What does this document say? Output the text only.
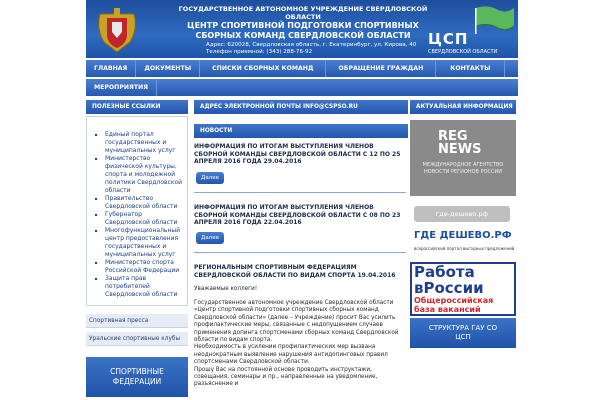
ГОСУДАРСТВЕННОЕ АВТОНОМНОЕ УЧРЕЖДЕНИЕ СВЕРДЛОВСКОЙ ОБЛАСТИ
ЦЕНТР СПОРТИВНОЙ ПОДГОТОВКИ СПОРТИВНЫХ
СБОРНЫХ КОМАНД СВЕРДЛОВСКОЙ ОБЛАСТИ
Адрес: 620028, Свердловская область, г. Екатеринбург, ул. Кирова, 40
Телефон приемной: (343) 288-76-92
ЦСП
СВЕРДЛОВСКОЙ ОБЛАСТИ
ГЛАВНАЯ	ДОКУМЕНТЫ	СПИСКИ СБОРНЫХ КОМАНД	ОБРАЩЕНИЕ ГРАЖДАН	КОНТАКТЫ
МЕРОПРИЯТИЯ
ПОЛЕЗНЫЕ ССЫЛКИ
▪ Единый портал государственных и муниципальных услуг
▪ Министерство физической культуры, спорта и молодежной политики Свердловской области
▪ Правительство Свердловской области
▪ Губернатор Свердловской области
▪ Многофункциональный центр предоставления государственных и муниципальных услуг
▪ Министерство спорта Российской Федерации
▪ Защита прав потребителей Свердловской области
Спортивная пресса
Уральские спортивные клубы
СПОРТИВНЫЕ ФЕДЕРАЦИИ
АДРЕС ЭЛЕКТРОННОЙ ПОЧТЫ INFO@CSPSO.RU
НОВОСТИ
ИНФОРМАЦИЯ ПО ИТОГАМ ВЫСТУПЛЕНИЯ ЧЛЕНОВ СБОРНОЙ КОМАНДЫ СВЕРДЛОВСКОЙ ОБЛАСТИ С 12 ПО 25 АПРЕЛЯ 2016 ГОДА 29.04.2016
Далее
ИНФОРМАЦИЯ ПО ИТОГАМ ВЫСТУПЛЕНИЯ ЧЛЕНОВ СБОРНОЙ КОМАНДЫ СВЕРДЛОВСКОЙ ОБЛАСТИ С 08 ПО 23 АПРЕЛЯ 2016 ГОДА 22.04.2016
Далее
РЕГИОНАЛЬНЫМ СПОРТИВНЫМ ФЕДЕРАЦИЯМ СВЕРДЛОВСКОЙ ОБЛАСТИ ПО ВИДАМ СПОРТА 19.04.2016
Уважаемые коллеги!
Государственное автономное учреждение Свердловской области «Центр спортивной подготовки спортивных сборных команд Свердловской области» (далее – Учреждение) просит Вас усилить профилактические меры, связанные с недопущением случаев применения допинга спортсменами сборных команд Свердловской области по видам спорта.
Необходимость в усилении профилактических мер вызвана неоднократным выявление нарушения антидопинговых правил спортсменами Свердловской области.
Прошу Вас на постоянной основе проводить инструктажи, совещания, семинары и пр., направленные на уведомление, разъяснение и
АКТУАЛЬНАЯ ИНФОРМАЦИЯ
REG NEWS
МЕЖДУНАРОДНОЕ АГЕНТСТВО НОВОСТИ РЕГИОНОВ РОССИИ
где-дешево.рф
ГДЕ ДЕШЕВО.РФ
всероссийский портал выгодных предложений
Работа
вРоссии
Общероссийская
база вакансий
СТРУКТУРА ГАУ СО ЦСП
